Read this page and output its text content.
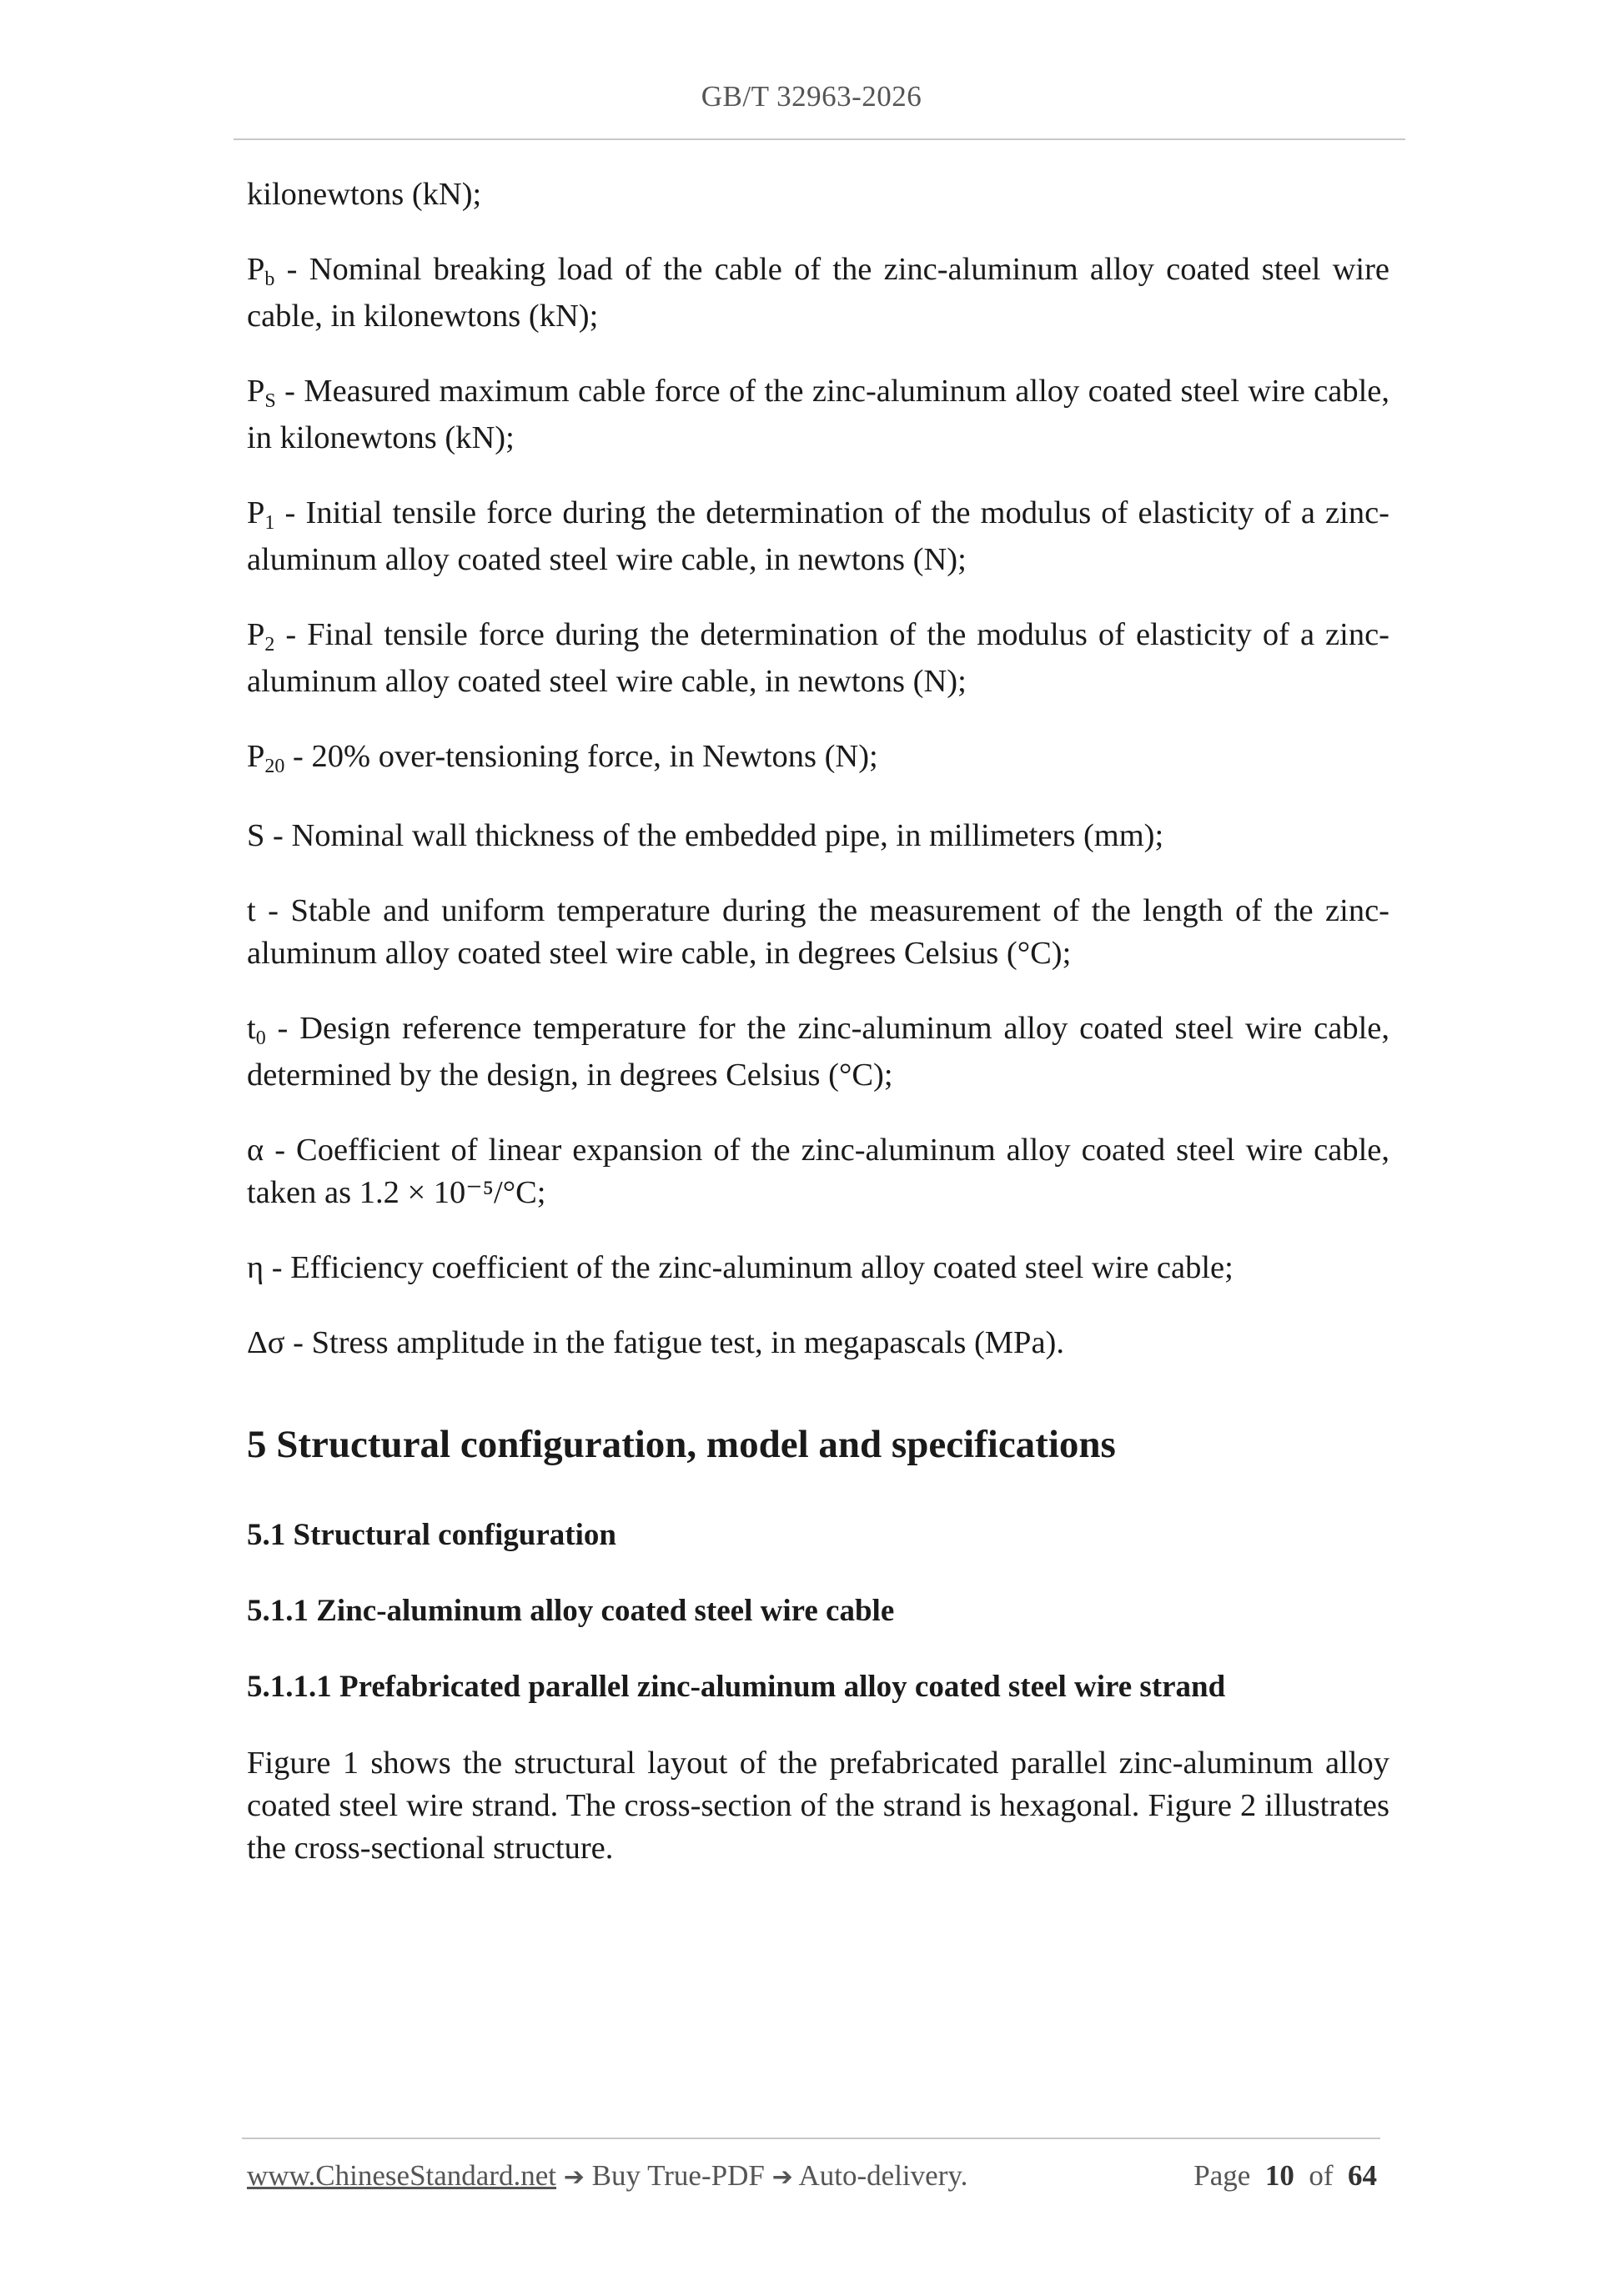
GB/T 32963-2026

kilonewtons (kN);

Pb - Nominal breaking load of the cable of the zinc-aluminum alloy coated steel wire cable, in kilonewtons (kN);

PS - Measured maximum cable force of the zinc-aluminum alloy coated steel wire cable, in kilonewtons (kN);

P1 - Initial tensile force during the determination of the modulus of elasticity of a zinc-aluminum alloy coated steel wire cable, in newtons (N);

P2 - Final tensile force during the determination of the modulus of elasticity of a zinc-aluminum alloy coated steel wire cable, in newtons (N);

P20 - 20% over-tensioning force, in Newtons (N);

S - Nominal wall thickness of the embedded pipe, in millimeters (mm);

t - Stable and uniform temperature during the measurement of the length of the zinc-aluminum alloy coated steel wire cable, in degrees Celsius (°C);

t0 - Design reference temperature for the zinc-aluminum alloy coated steel wire cable, determined by the design, in degrees Celsius (°C);

α - Coefficient of linear expansion of the zinc-aluminum alloy coated steel wire cable, taken as 1.2 × 10⁻⁵/°C;

η - Efficiency coefficient of the zinc-aluminum alloy coated steel wire cable;

Δσ - Stress amplitude in the fatigue test, in megapascals (MPa).

5 Structural configuration, model and specifications
5.1 Structural configuration
5.1.1 Zinc-aluminum alloy coated steel wire cable
5.1.1.1 Prefabricated parallel zinc-aluminum alloy coated steel wire strand

Figure 1 shows the structural layout of the prefabricated parallel zinc-aluminum alloy coated steel wire strand. The cross-section of the strand is hexagonal. Figure 2 illustrates the cross-sectional structure.

www.ChineseStandard.net ➔ Buy True-PDF ➔ Auto-delivery.	Page 10 of 64
